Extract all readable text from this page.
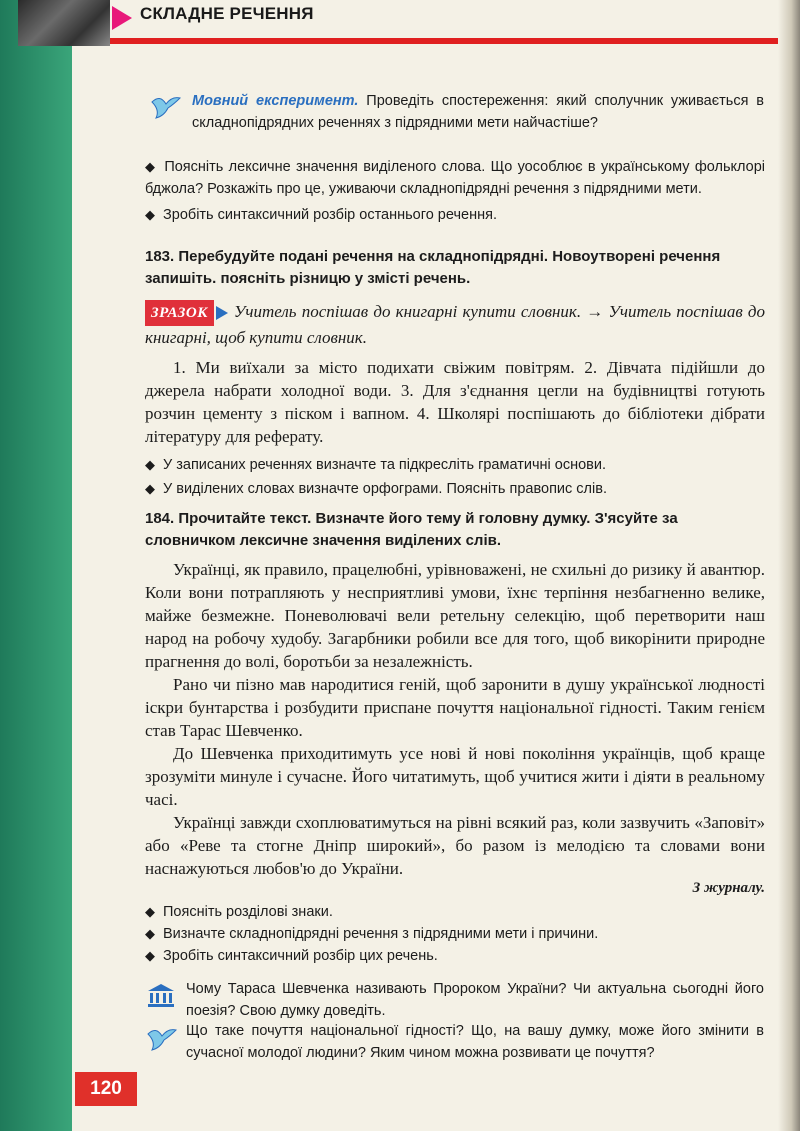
СКЛАДНЕ РЕЧЕННЯ

Мовний експеримент. Проведіть спостереження: який сполучник уживається в складнопідрядних реченнях з підрядними мети найчастіше?

◆ Поясніть лексичне значення виділеного слова. Що уособлює в українському фольклорі бджола? Розкажіть про це, уживаючи складнопідрядні речення з підрядними мети.

◆ Зробіть синтаксичний розбір останнього речення.

183. Перебудуйте подані речення на складнопідрядні. Новоутворені речення запишіть. поясніть різницю у змісті речень.

ЗРАЗОК Учитель поспішав до книгарні купити словник. → Учитель поспішав до книгарні, щоб купити словник.

1. Ми виїхали за місто подихати свіжим повітрям. 2. Дівчата підійшли до джерела набрати холодної води. 3. Для з'єднання цегли на будівництві готують розчин цементу з піском і вапном. 4. Школярі поспішають до бібліотеки дібрати літературу для реферату.

◆ У записаних реченнях визначте та підкресліть граматичні основи.

◆ У виділених словах визначте орфограми. Поясніть правопис слів.

184. Прочитайте текст. Визначте його тему й головну думку. З'ясуйте за словничком лексичне значення виділених слів.

Українці, як правило, працелюбні, урівноважені, не схильні до ризику й авантюр. Коли вони потрапляють у несприятливі умови, їхнє терпіння незбагненно велике, майже безмежне. Поневолювачі вели ретельну селекцію, щоб перетворити наш народ на робочу худобу. Загарбники робили все для того, щоб викорінити природне прагнення до волі, боротьби за незалежність.

Рано чи пізно мав народитися геній, щоб заронити в душу української людності іскри бунтарства і розбудити приспане почуття національної гідності. Таким генієм став Тарас Шевченко.

До Шевченка приходитимуть усе нові й нові покоління українців, щоб краще зрозуміти минуле і сучасне. Його читатимуть, щоб учитися жити і діяти в реальному часі.

Українці завжди схоплюватимуться на рівні всякий раз, коли зазвучить «Заповіт» або «Реве та стогне Дніпр широкий», бо разом із мелодією та словами вони наснажуються любов'ю до України.

З журналу.

◆ Поясніть розділові знаки.

◆ Визначте складнопідрядні речення з підрядними мети і причини.

◆ Зробіть синтаксичний розбір цих речень.

Чому Тараса Шевченка називають Пророком України? Чи актуальна сьогодні його поезія? Свою думку доведіть.

Що таке почуття національної гідності? Що, на вашу думку, може його змінити в сучасної молодої людини? Яким чином можна розвивати це почуття?

120
